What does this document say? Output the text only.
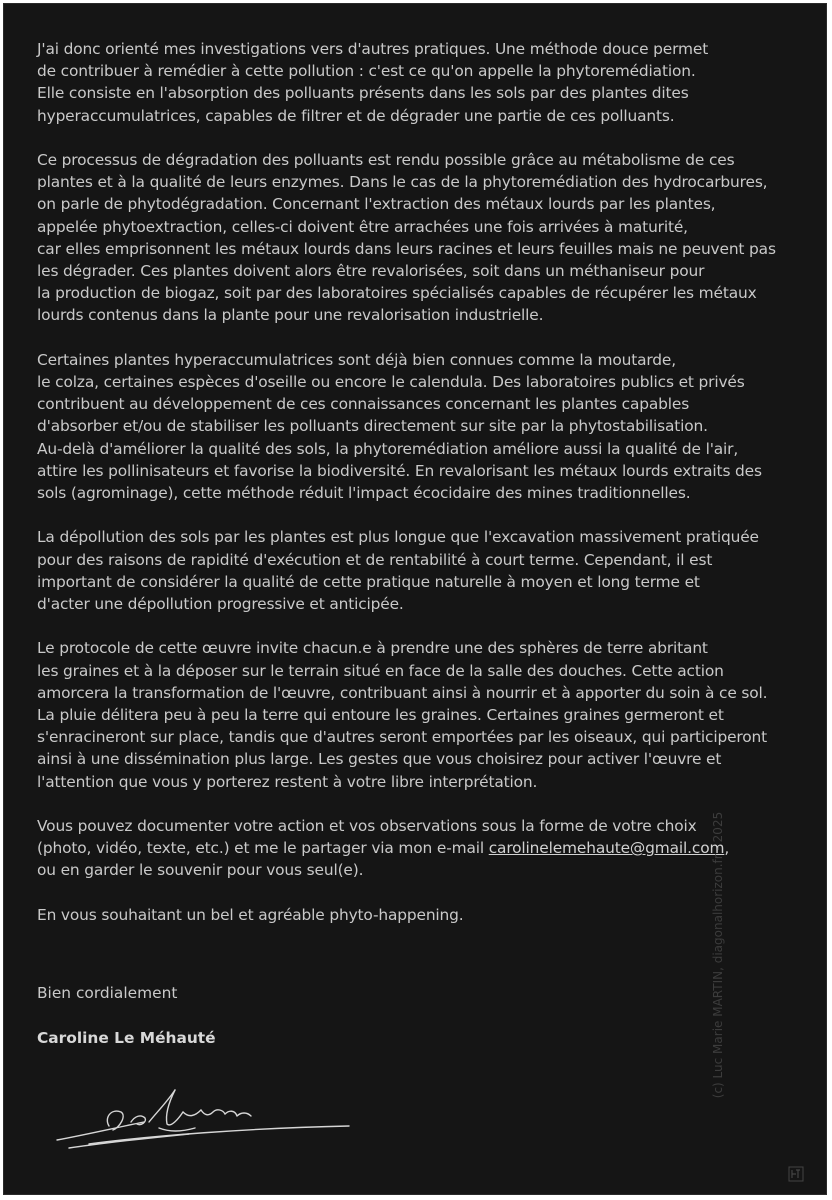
J'ai donc orienté mes investigations vers d'autres pratiques. Une méthode douce permet
de contribuer à remédier à cette pollution : c'est ce qu'on appelle la phytoremédiation.
Elle consiste en l'absorption des polluants présents dans les sols par des plantes dites
hyperaccumulatrices, capables de filtrer et de dégrader une partie de ces polluants.

Ce processus de dégradation des polluants est rendu possible grâce au métabolisme de ces
plantes et à la qualité de leurs enzymes. Dans le cas de la phytoremédiation des hydrocarbures,
on parle de phytodégradation. Concernant l'extraction des métaux lourds par les plantes,
appelée phytoextraction, celles-ci doivent être arrachées une fois arrivées à maturité,
car elles emprisonnent les métaux lourds dans leurs racines et leurs feuilles mais ne peuvent pas
les dégrader. Ces plantes doivent alors être revalorisées, soit dans un méthaniseur pour
la production de biogaz, soit par des laboratoires spécialisés capables de récupérer les métaux
lourds contenus dans la plante pour une revalorisation industrielle.

Certaines plantes hyperaccumulatrices sont déjà bien connues comme la moutarde,
le colza, certaines espèces d'oseille ou encore le calendula. Des laboratoires publics et privés
contribuent au développement de ces connaissances concernant les plantes capables
d'absorber et/ou de stabiliser les polluants directement sur site par la phytostabilisation.
Au-delà d'améliorer la qualité des sols, la phytoremédiation améliore aussi la qualité de l'air,
attire les pollinisateurs et favorise la biodiversité. En revalorisant les métaux lourds extraits des
sols (agrominage), cette méthode réduit l'impact écocidaire des mines traditionnelles.

La dépollution des sols par les plantes est plus longue que l'excavation massivement pratiquée
pour des raisons de rapidité d'exécution et de rentabilité à court terme. Cependant, il est
important de considérer la qualité de cette pratique naturelle à moyen et long terme et
d'acter une dépollution progressive et anticipée.

Le protocole de cette œuvre invite chacun.e à prendre une des sphères de terre abritant
les graines et à la déposer sur le terrain situé en face de la salle des douches. Cette action
amorcera la transformation de l'œuvre, contribuant ainsi à nourrir et à apporter du soin à ce sol.
La pluie délitera peu à peu la terre qui entoure les graines. Certaines graines germeront et
s'enracineront sur place, tandis que d'autres seront emportées par les oiseaux, qui participeront
ainsi à une dissémination plus large. Les gestes que vous choisirez pour activer l'œuvre et
l'attention que vous y porterez restent à votre libre interprétation.

Vous pouvez documenter votre action et vos observations sous la forme de votre choix
(photo, vidéo, texte, etc.) et me le partager via mon e-mail carolinelemehaute@gmail.com,
ou en garder le souvenir pour vous seul(e).

En vous souhaitant un bel et agréable phyto-happening.

Bien cordialement
Caroline Le Méhauté	(c) Luc Marie MARTIN, diagonalhorizon.fr - 2025
